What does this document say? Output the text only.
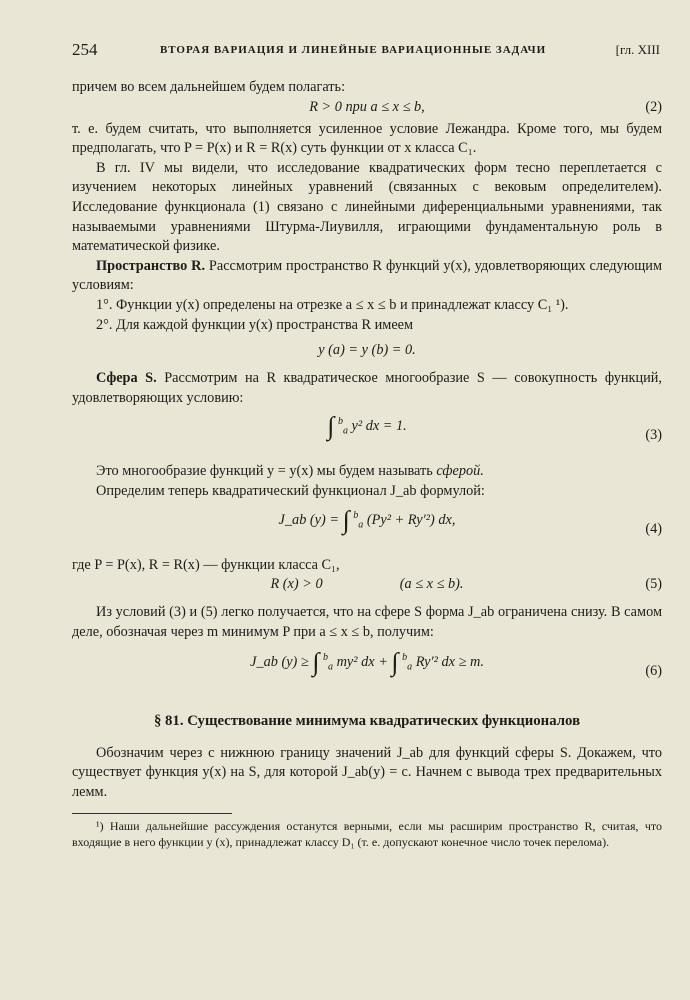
254	ВТОРАЯ ВАРИАЦИЯ И ЛИНЕЙНЫЕ ВАРИАЦИОННЫЕ ЗАДАЧИ	[гл. XIII

причем во всем дальнейшем будем полагать:

R > 0 при a ≤ x ≤ b,	(2)

т. е. будем считать, что выполняется усиленное условие Лежандра. Кроме того, мы будем предполагать, что P = P(x) и R = R(x) суть функции от x класса C₁.

В гл. IV мы видели, что исследование квадратических форм тесно переплетается с изучением некоторых линейных уравнений (связанных с вековым определителем). Исследование функционала (1) связано с линейными диференциальными уравнениями, так называемыми уравнениями Штурма-Лиувилля, играющими фундаментальную роль в математической физике.

Пространство R. Рассмотрим пространство R функций y(x), удовлетворяющих следующим условиям:

1°. Функции y(x) определены на отрезке a ≤ x ≤ b и принадлежат классу C₁ ¹).

2°. Для каждой функции y(x) пространства R имеем

y (a) = y (b) = 0.

Сфера S. Рассмотрим на R квадратическое многообразие S — совокупность функций, удовлетворяющих условию:

∫ $^b_a$ y² dx = 1.
(3)

Это многообразие функций y = y(x) мы будем называть сферой.

Определим теперь квадратический функционал J_ab формулой:

J_ab (y) = ∫ $^b_a$ (Py² + Ry′²) dx,
(4)

где P = P(x), R = R(x) — функции класса C₁,

R (x) > 0	(a ≤ x ≤ b).	(5)

Из условий (3) и (5) легко получается, что на сфере S форма J_ab ограничена снизу. В самом деле, обозначая через m минимум P при a ≤ x ≤ b, получим:

J_ab (y) ≥ ∫ $^b_a$ my² dx + ∫ $^b_a$ Ry′² dx ≥ m.
(6)
§ 81. Существование минимума квадратических функционалов

Обозначим через c нижнюю границу значений J_ab для функций сферы S. Докажем, что существует функция y(x) на S, для которой J_ab(y) = c. Начнем с вывода трех предварительных лемм.

¹) Наши дальнейшие рассуждения останутся верными, если мы расширим пространство R, считая, что входящие в него функции y (x), принадлежат классу D₁ (т. е. допускают конечное число точек перелома).
